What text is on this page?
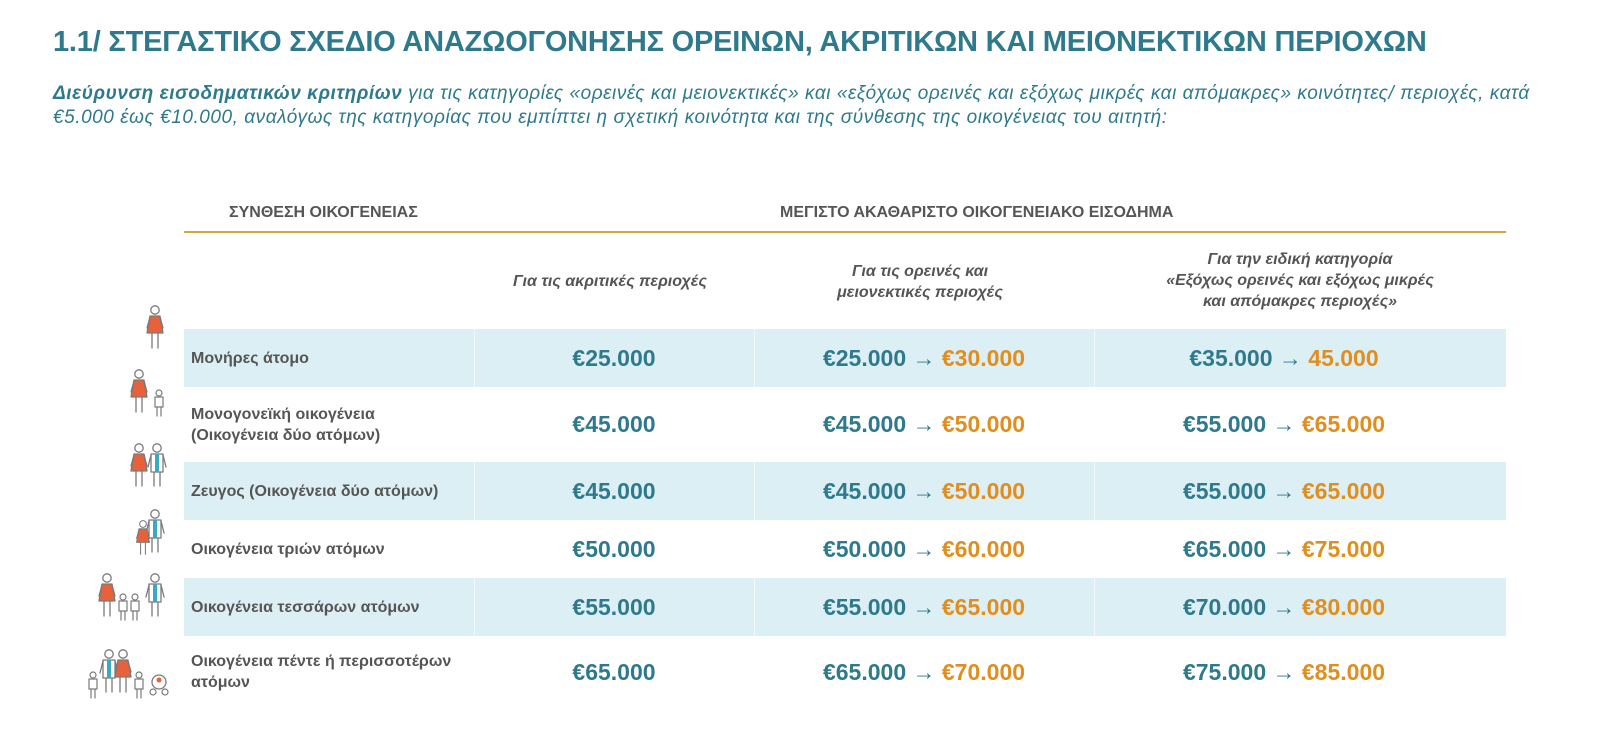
1.1/ ΣΤΕΓΑΣΤΙΚΟ ΣΧΕΔΙΟ ΑΝΑΖΩΟΓΟΝΗΣΗΣ ΟΡΕΙΝΩΝ, ΑΚΡΙΤΙΚΩΝ ΚΑΙ ΜΕΙΟΝΕΚΤΙΚΩΝ ΠΕΡΙΟΧΩΝ

Διεύρυνση εισοδηματικών κριτηρίων για τις κατηγορίες «ορεινές και μειονεκτικές» και «εξόχως ορεινές και εξόχως μικρές και απόμακρες» κοινότητες/ περιοχές, κατά €5.000 έως €10.000, αναλόγως της κατηγορίας που εμπίπτει η σχετική κοινότητα και της σύνθεσης της οικογένειας του αιτητή:

ΣΥΝΘΕΣΗ ΟΙΚΟΓΕΝΕΙΑΣ	ΜΕΓΙΣΤΟ ΑΚΑΘΑΡΙΣΤΟ ΟΙΚΟΓΕΝΕΙΑΚΟ ΕΙΣΟΔΗΜΑ
Για τις ακριτικές περιοχές
Για τις ορεινές και
μειονεκτικές περιοχές
Για την ειδική κατηγορία
«Εξόχως ορεινές και εξόχως μικρές
και απόμακρες περιοχές»
Μονήρες άτομο	€25.000	€25.000 → €30.000	€35.000 → 45.000
Μονογονεϊκή οικογένεια
(Οικογένεια δύο ατόμων)	€45.000	€45.000 → €50.000	€55.000 → €65.000
Ζευγος (Οικογένεια δύο ατόμων)	€45.000	€45.000 → €50.000	€55.000 → €65.000
Οικογένεια τριών ατόμων	€50.000	€50.000 → €60.000	€65.000 → €75.000
Οικογένεια τεσσάρων ατόμων	€55.000	€55.000 → €65.000	€70.000 → €80.000
Οικογένεια πέντε ή περισσοτέρων
ατόμων	€65.000	€65.000 → €70.000	€75.000 → €85.000
